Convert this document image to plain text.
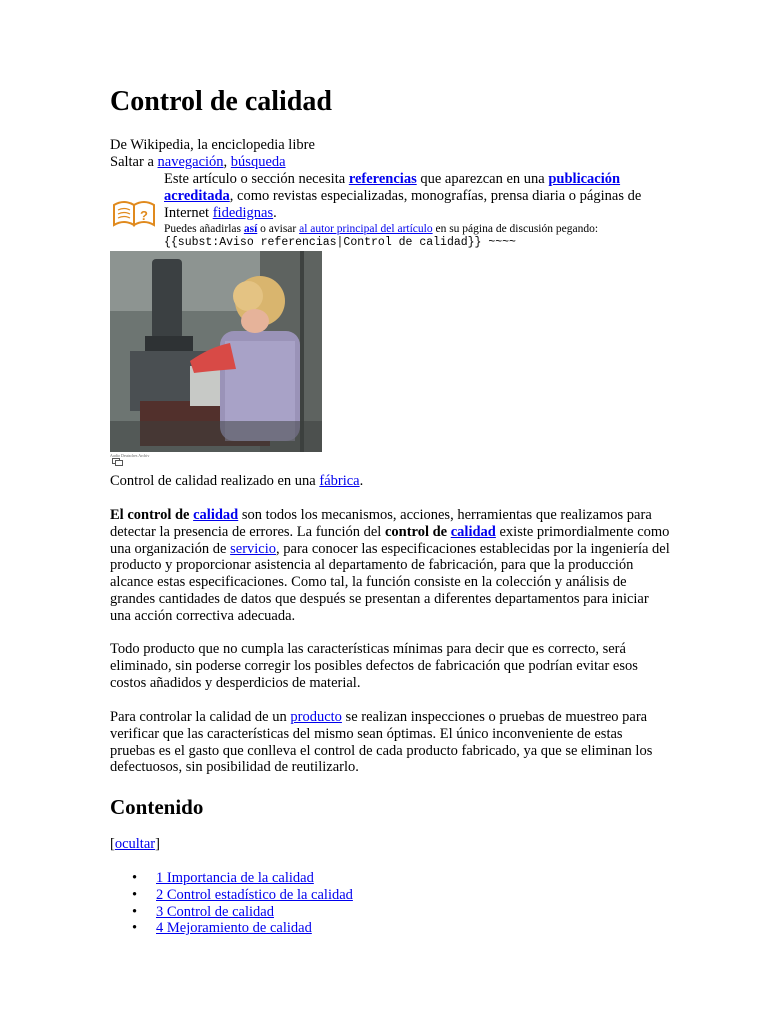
Control de calidad
De Wikipedia, la enciclopedia libre
Saltar a navegación, búsqueda
?
Este artículo o sección necesita referencias que aparezcan en una publicación acreditada, como revistas especializadas, monografías, prensa diaria o páginas de Internet fidedignas.
Puedes añadirlas así o avisar al autor principal del artículo en su página de discusión pegando:
{{subst:Aviso referencias|Control de calidad}} ~~~~
Audio Deutsches Archiv
Control de calidad realizado en una fábrica.

El control de calidad son todos los mecanismos, acciones, herramientas que realizamos para detectar la presencia de errores. La función del control de calidad existe primordialmente como una organización de servicio, para conocer las especificaciones establecidas por la ingeniería del producto y proporcionar asistencia al departamento de fabricación, para que la producción alcance estas especificaciones. Como tal, la función consiste en la colección y análisis de grandes cantidades de datos que después se presentan a diferentes departamentos para iniciar una acción correctiva adecuada.

Todo producto que no cumpla las características mínimas para decir que es correcto, será eliminado, sin poderse corregir los posibles defectos de fabricación que podrían evitar esos costos añadidos y desperdicios de material.

Para controlar la calidad de un producto se realizan inspecciones o pruebas de muestreo para verificar que las características del mismo sean óptimas. El único inconveniente de estas pruebas es el gasto que conlleva el control de cada producto fabricado, ya que se eliminan los defectuosos, sin posibilidad de reutilizarlo.

Contenido
[ocultar]
• 1 Importancia de la calidad
• 2 Control estadístico de la calidad
• 3 Control de calidad
• 4 Mejoramiento de calidad
